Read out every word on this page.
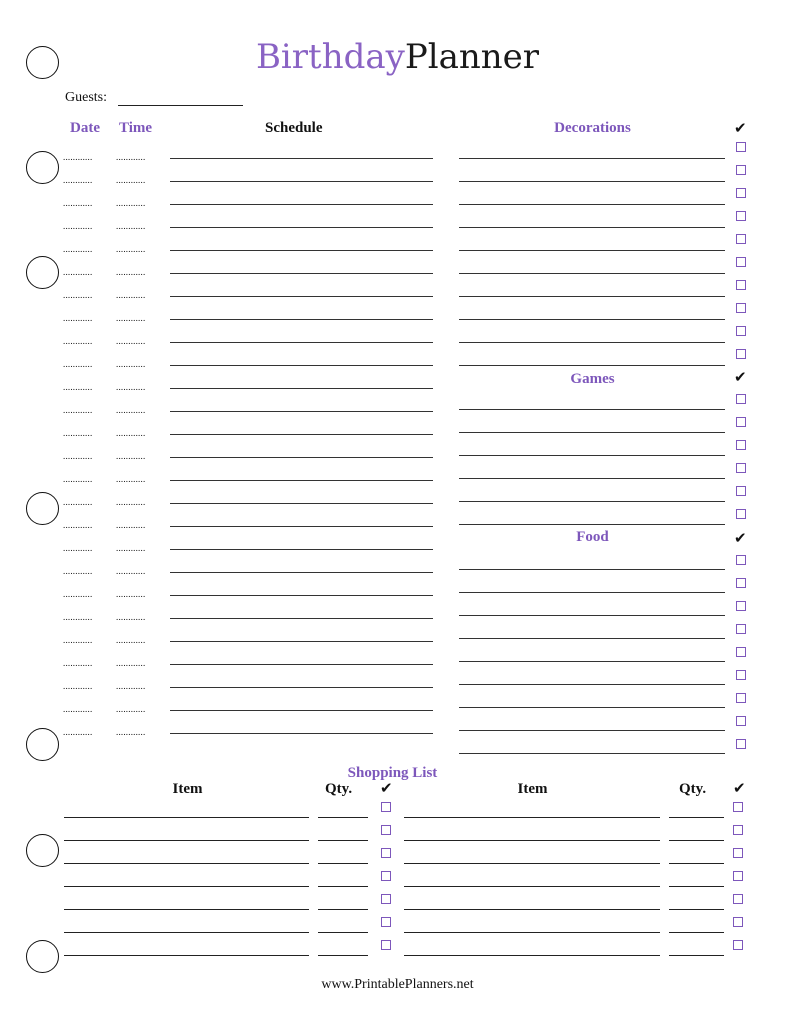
BirthdayPlanner
Guests:
Date Time	Schedule	Decorations
Games
Food
✔
✔
✔
............	............
............	............
............	............
............	............
............	............
............	............
............	............
............	............
............	............
............	............
............	............
............	............
............	............
............	............
............	............
............	............
............	............
............	............
............	............
............	............
............	............
............	............
............	............
............	............
............	............
............	............
Shopping List
Item	Qty. ✔	Item	Qty. ✔
www.PrintablePlanners.net
